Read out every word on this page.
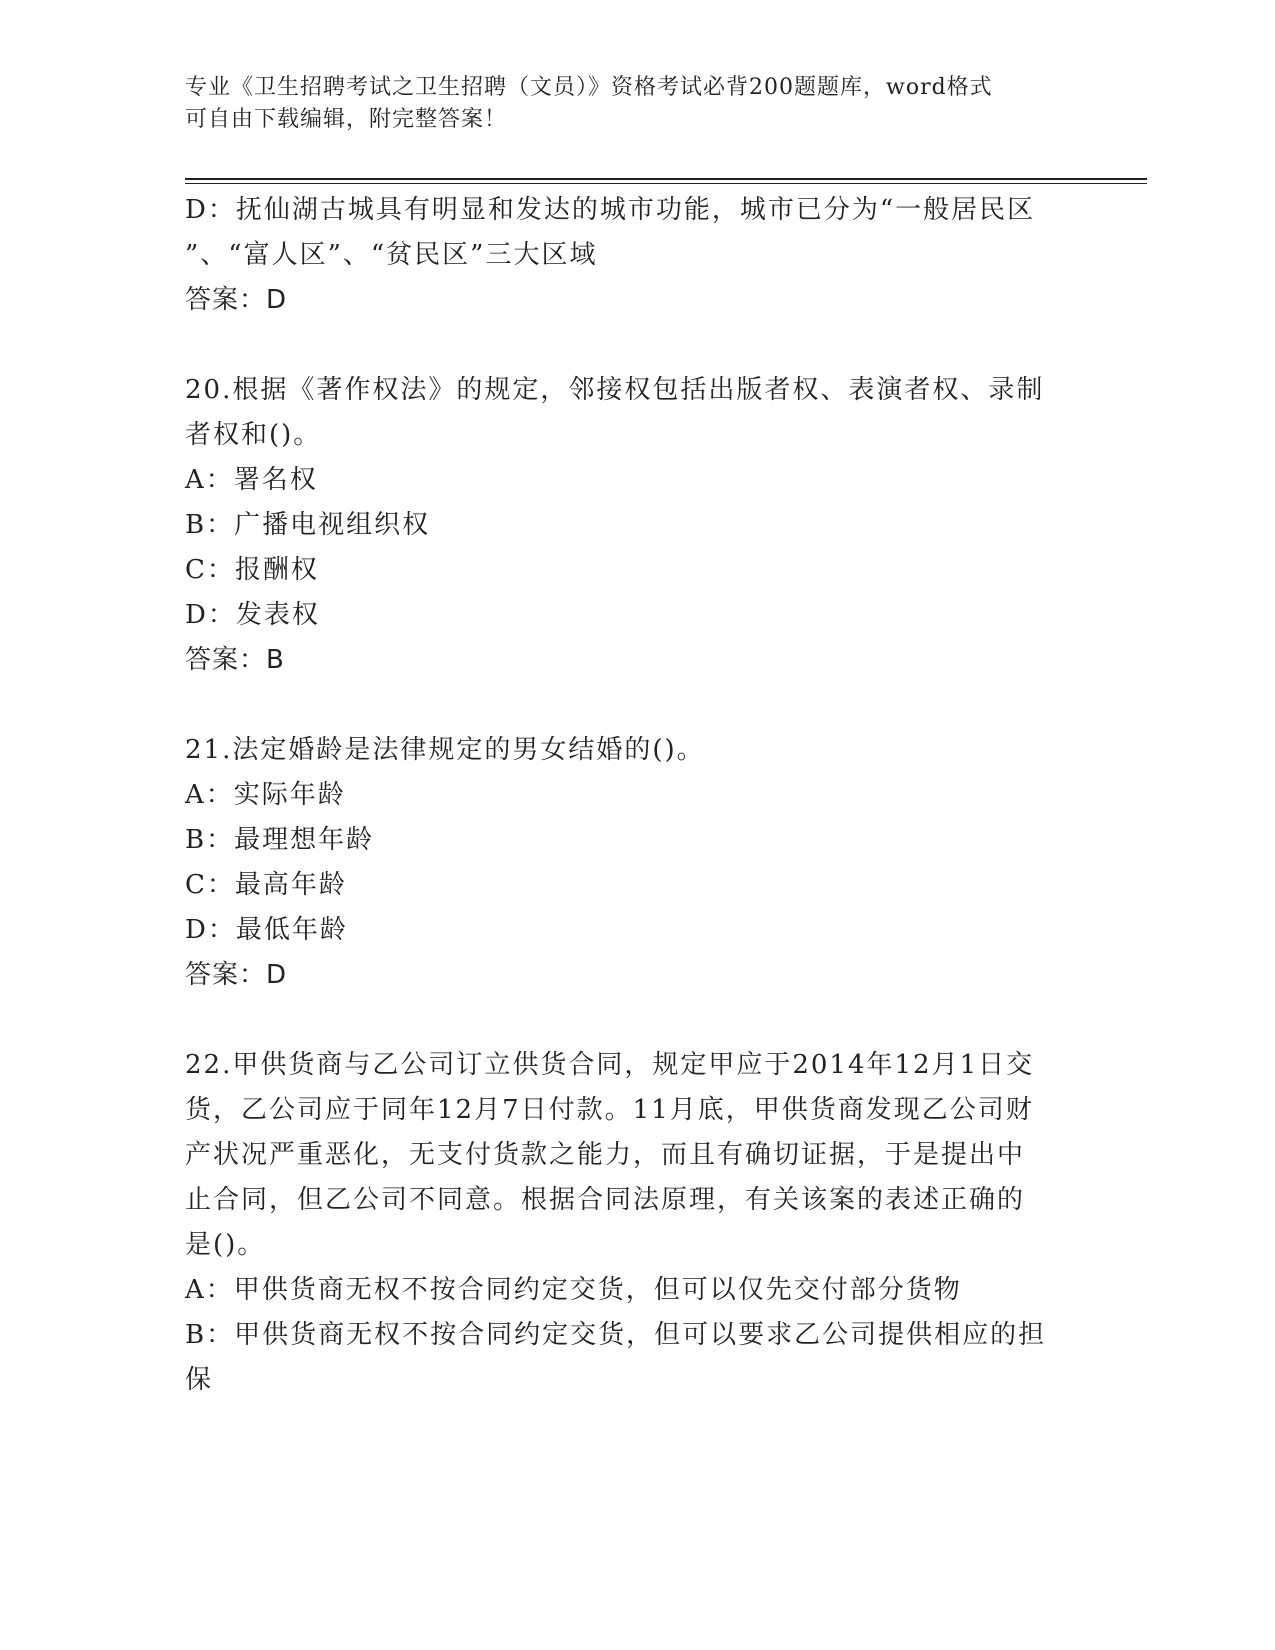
专业《卫生招聘考试之卫生招聘（文员）》资格考试必背200题题库，word格式
可自由下载编辑，附完整答案！
D：抚仙湖古城具有明显和发达的城市功能，城市已分为“一般居民区
”、“富人区”、“贫民区”三大区域
答案：D
20.根据《著作权法》的规定，邻接权包括出版者权、表演者权、录制
者权和()。
A：署名权
B：广播电视组织权
C：报酬权
D：发表权
答案：B
21.法定婚龄是法律规定的男女结婚的()。
A：实际年龄
B：最理想年龄
C：最高年龄
D：最低年龄
答案：D
22.甲供货商与乙公司订立供货合同，规定甲应于2014年12月1日交
货，乙公司应于同年12月7日付款。11月底，甲供货商发现乙公司财
产状况严重恶化，无支付货款之能力，而且有确切证据，于是提出中
止合同，但乙公司不同意。根据合同法原理，有关该案的表述正确的
是()。
A：甲供货商无权不按合同约定交货，但可以仅先交付部分货物
B：甲供货商无权不按合同约定交货，但可以要求乙公司提供相应的担
保
